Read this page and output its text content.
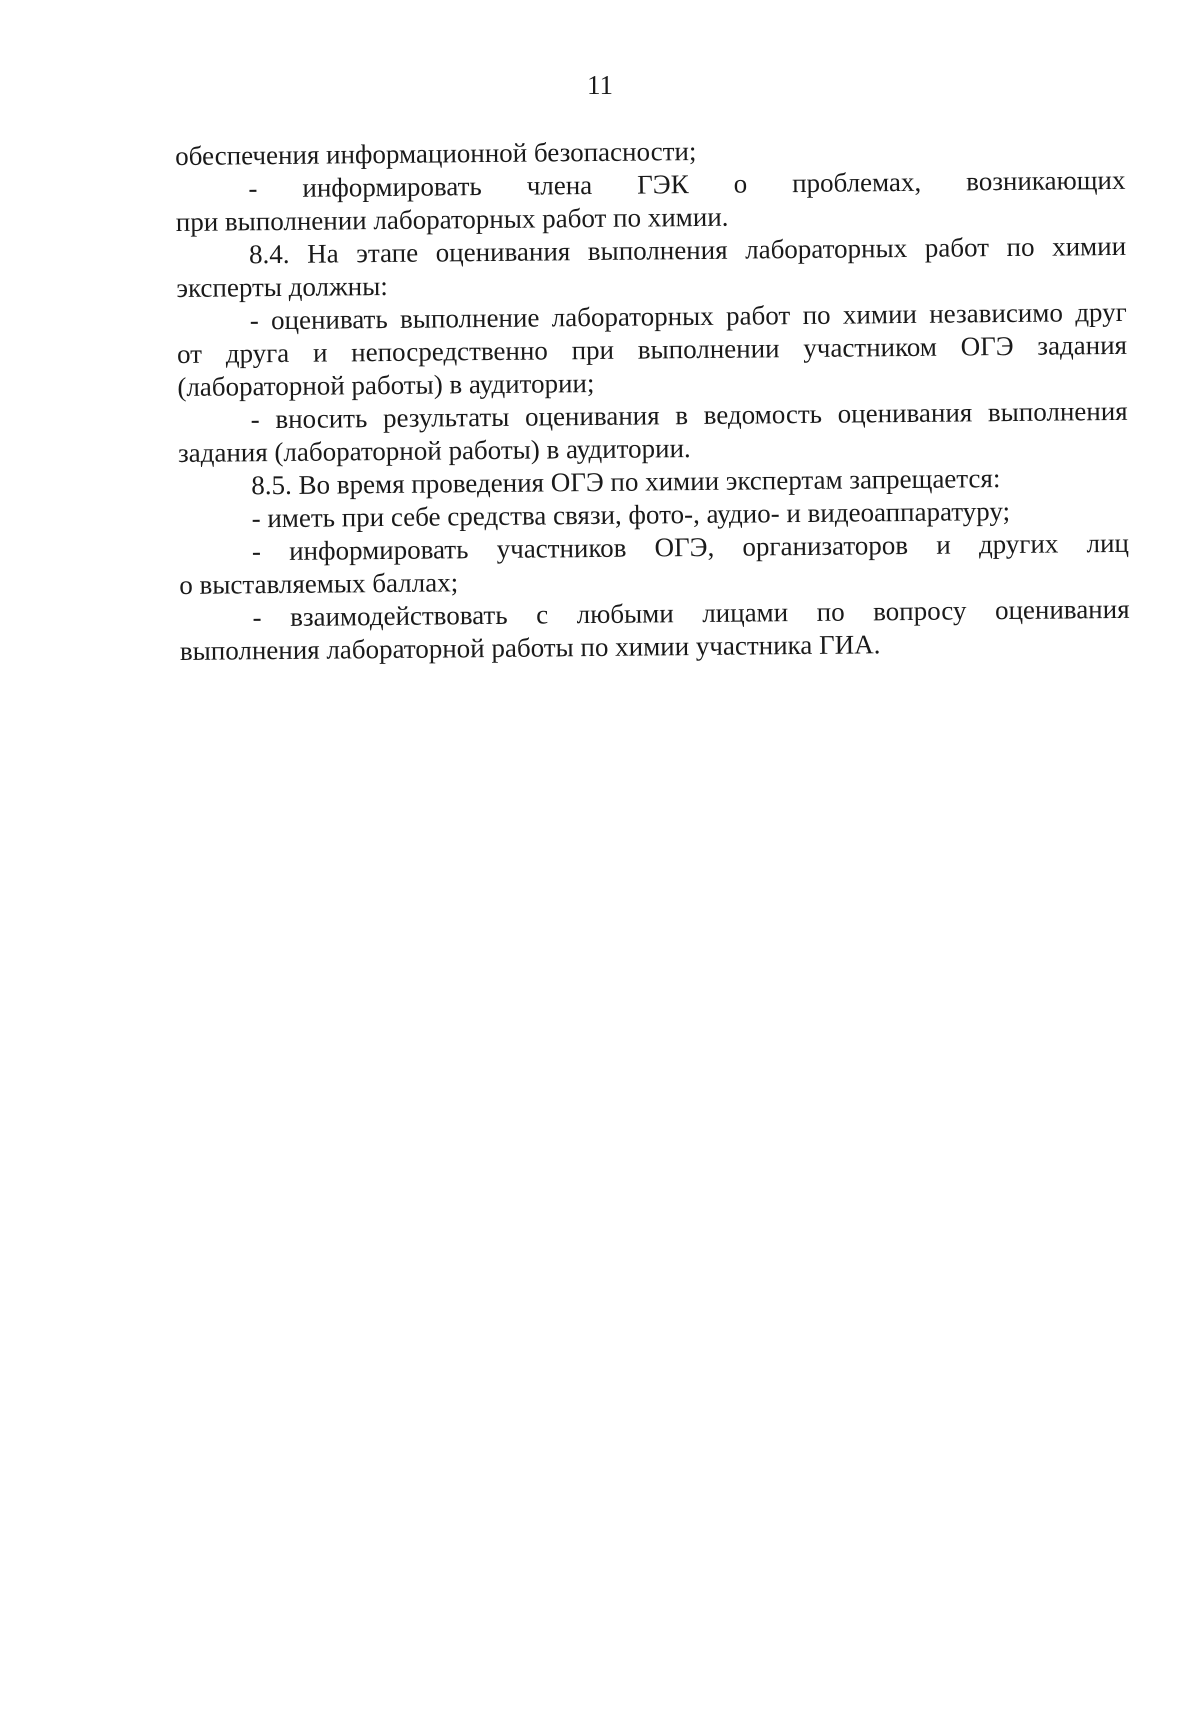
11
обеспечения информационной безопасности;
- информировать члена ГЭК о проблемах, возникающих
при выполнении лабораторных работ по химии.
8.4. На этапе оценивания выполнения лабораторных работ по химии
эксперты должны:
- оценивать выполнение лабораторных работ по химии независимо друг
от друга и непосредственно при выполнении участником ОГЭ задания
(лабораторной работы) в аудитории;
- вносить результаты оценивания в ведомость оценивания выполнения
задания (лабораторной работы) в аудитории.
8.5. Во время проведения ОГЭ по химии экспертам запрещается:
- иметь при себе средства связи, фото-, аудио- и видеоаппаратуру;
- информировать участников ОГЭ, организаторов и других лиц
о выставляемых баллах;
- взаимодействовать с любыми лицами по вопросу оценивания
выполнения лабораторной работы по химии участника ГИА.
